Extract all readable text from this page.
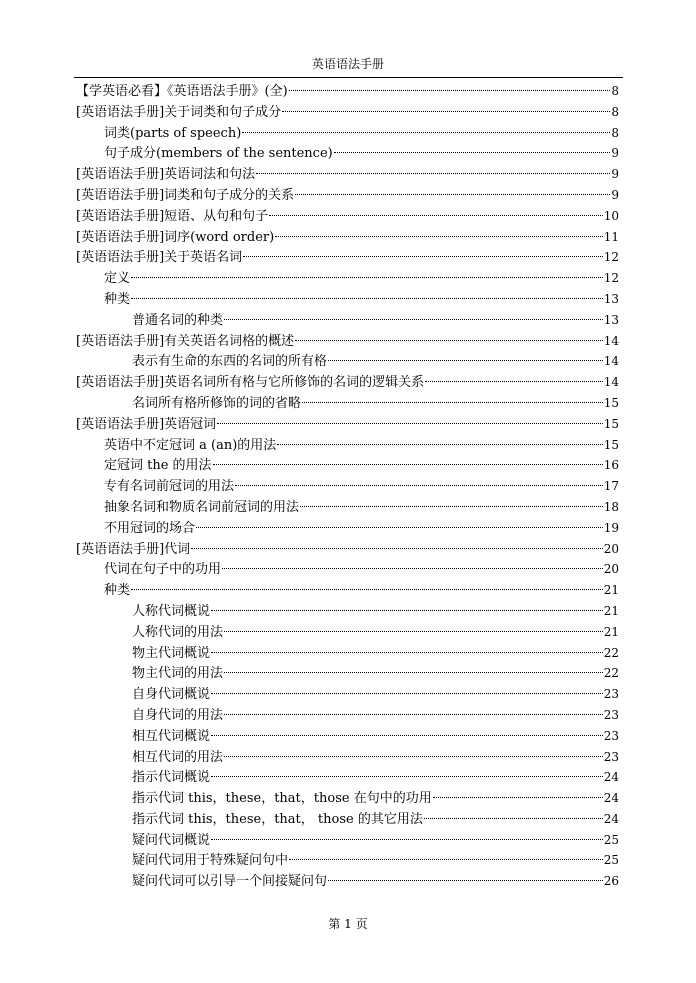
英语语法手册
【学英语必看】《英语语法手册》(全)	8
[英语语法手册]关于词类和句子成分	8
词类(parts of speech)	8
句子成分(members of the sentence)	9
[英语语法手册]英语词法和句法	9
[英语语法手册]词类和句子成分的关系	9
[英语语法手册]短语、从句和句子	10
[英语语法手册]词序(word order)	11
[英语语法手册]关于英语名词	12
定义	12
种类	13
普通名词的种类	13
[英语语法手册]有关英语名词格的概述	14
表示有生命的东西的名词的所有格	14
[英语语法手册]英语名词所有格与它所修饰的名词的逻辑关系	14
名词所有格所修饰的词的省略	15
[英语语法手册]英语冠词	15
英语中不定冠词 a (an)的用法	15
定冠词 the 的用法	16
专有名词前冠词的用法	17
抽象名词和物质名词前冠词的用法	18
不用冠词的场合	19
[英语语法手册]代词	20
代词在句子中的功用	20
种类	21
人称代词概说	21
人称代词的用法	21
物主代词概说	22
物主代词的用法	22
自身代词概说	23
自身代词的用法	23
相互代词概说	23
相互代词的用法	23
指示代词概说	24
指示代词 this，these，that，those 在句中的功用	24
指示代词 this，these，that， those 的其它用法	24
疑问代词概说	25
疑问代词用于特殊疑问句中	25
疑问代词可以引导一个间接疑问句	26
第 1 页
